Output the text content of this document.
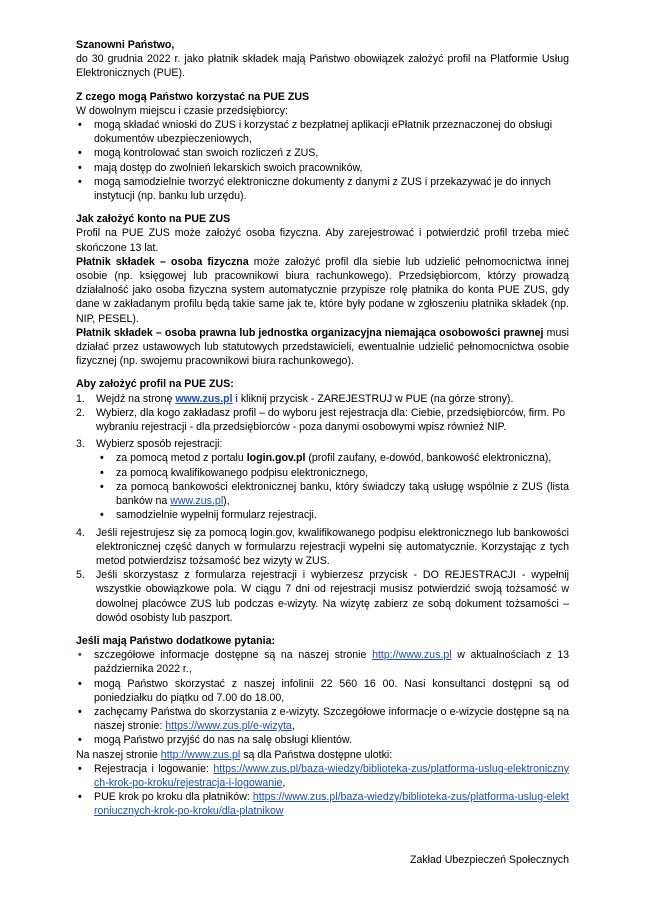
Szanowni Państwo,

do 30 grudnia 2022 r. jako płatnik składek mają Państwo obowiązek założyć profil na Platformie Usług Elektronicznych (PUE).

Z czego mogą Państwo korzystać na PUE ZUS

W dowolnym miejscu i czasie przedsiębiorcy:

• mogą składać wnioski do ZUS i korzystać z bezpłatnej aplikacji ePłatnik przeznaczonej do obsługi dokumentów ubezpieczeniowych,
• mogą kontrolować stan swoich rozliczeń z ZUS,
• mają dostęp do zwolnień lekarskich swoich pracowników,
• mogą samodzielnie tworzyć elektroniczne dokumenty z danymi z ZUS i przekazywać je do innych instytucji (np. banku lub urzędu).

Jak założyć konto na PUE ZUS

Profil na PUE ZUS może założyć osoba fizyczna. Aby zarejestrować i potwierdzić profil trzeba mieć skończone 13 lat.

Płatnik składek – osoba fizyczna może założyć profil dla siebie lub udzielić pełnomocnictwa innej osobie (np. księgowej lub pracownikowi biura rachunkowego). Przedsiębiorcom, którzy prowadzą działalność jako osoba fizyczna system automatycznie przypisze rolę płatnika do konta PUE ZUS, gdy dane w zakładanym profilu będą takie same jak te, które były podane w zgłoszeniu płatnika składek (np. NIP, PESEL).

Płatnik składek – osoba prawna lub jednostka organizacyjna niemająca osobowości prawnej musi działać przez ustawowych lub statutowych przedstawicieli, ewentualnie udzielić pełnomocnictwa osobie fizycznej (np. swojemu pracownikowi biura rachunkowego).

Aby założyć profil na PUE ZUS:

1. Wejdź na stronę www.zus.pl i kliknij przycisk - ZAREJESTRUJ w PUE (na górze strony).
2. Wybierz, dla kogo zakładasz profil – do wyboru jest rejestracja dla: Ciebie, przedsiębiorców, firm. Po wybraniu rejestracji - dla przedsiębiorców - poza danymi osobowymi wpisz również NIP.
3. Wybierz sposób rejestracji:
• za pomocą metod z portalu login.gov.pl (profil zaufany, e-dowód, bankowość elektroniczna),
• za pomocą kwalifikowanego podpisu elektronicznego,
• za pomocą bankowości elektronicznej banku, który świadczy taką usługę wspólnie z ZUS (lista banków na www.zus.pl),
• samodzielnie wypełnij formularz rejestracji.
4. Jeśli rejestrujesz się za pomocą login.gov, kwalifikowanego podpisu elektronicznego lub bankowości elektronicznej część danych w formularzu rejestracji wypełni się automatycznie. Korzystając z tych metod potwierdzisz tożsamość bez wizyty w ZUS.
5. Jeśli skorzystasz z formularza rejestracji i wybierzesz przycisk - DO REJESTRACJI - wypełnij wszystkie obowiązkowe pola. W ciągu 7 dni od rejestracji musisz potwierdzić swoją tożsamość w dowolnej placówce ZUS lub podczas e-wizyty. Na wizytę zabierz ze sobą dokument tożsamości – dowód osobisty lub paszport.

Jeśli mają Państwo dodatkowe pytania:

• szczegółowe informacje dostępne są na naszej stronie http://www.zus.pl w aktualnościach z 13 października 2022 r.,
• mogą Państwo skorzystać z naszej infolinii 22 560 16 00. Nasi konsultanci dostępni są od poniedziałku do piątku od 7.00 do 18.00,
• zachęcamy Państwa do skorzystania z e-wizyty. Szczegółowe informacje o e-wizycie dostępne są na naszej stronie: https://www.zus.pl/e-wizyta,
• mogą Państwo przyjść do nas na salę obsługi klientów.

Na naszej stronie http://www.zus.pl są dla Państwa dostępne ulotki:

• Rejestracja i logowanie: https://www.zus.pl/baza-wiedzy/biblioteka-zus/platforma-uslug-elektronicznych-krok-po-kroku/rejestracja-i-logowanie,
• PUE krok po kroku dla płatników: https://www.zus.pl/baza-wiedzy/biblioteka-zus/platforma-uslug-elektroniucznych-krok-po-kroku/dla-platnikow

Zakład Ubezpieczeń Społecznych
